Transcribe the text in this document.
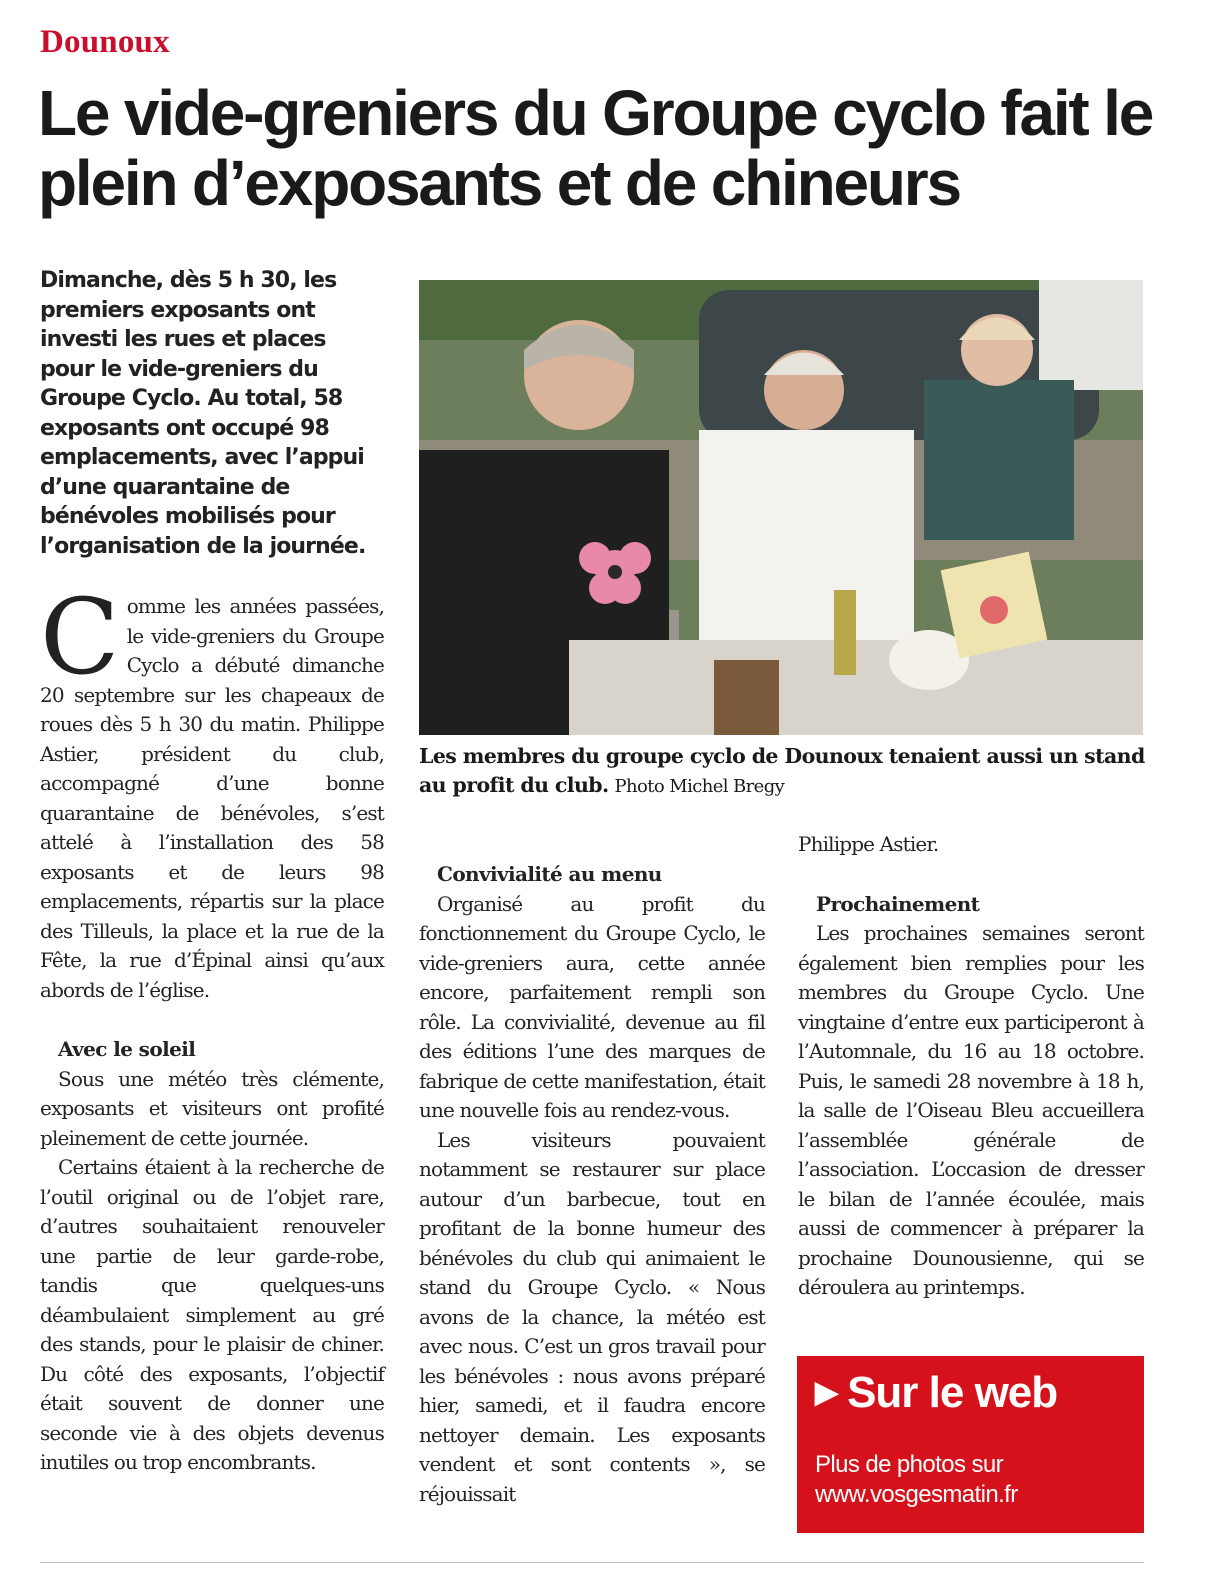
Dounoux
Le vide-greniers du Groupe cyclo fait le plein d’exposants et de chineurs

Dimanche, dès 5 h 30, les premiers exposants ont investi les rues et places pour le vide-greniers du Groupe Cyclo. Au total, 58 exposants ont occupé 98 emplacements, avec l’appui d’une quarantaine de bénévoles mobilisés pour l’organisation de la journée.

Les membres du groupe cyclo de Dounoux tenaient aussi un stand au profit du club. Photo Michel Bregy

Comme les années passées, le vide-greniers du Groupe Cyclo a débuté dimanche 20 septembre sur les chapeaux de roues dès 5 h 30 du matin. Philippe Astier, président du club, accompagné d’une bonne quarantaine de bénévoles, s’est attelé à l’installation des 58 exposants et de leurs 98 emplacements, répartis sur la place des Tilleuls, la place et la rue de la Fête, la rue d’Épinal ainsi qu’aux abords de l’église.

Avec le soleil

Sous une météo très clémente, exposants et visiteurs ont profité pleinement de cette journée.

Certains étaient à la recherche de l’outil original ou de l’objet rare, d’autres souhaitaient renouveler une partie de leur garde-robe, tandis que quelques-uns déambulaient simplement au gré des stands, pour le plaisir de chiner. Du côté des exposants, l’objectif était souvent de donner une seconde vie à des objets devenus inutiles ou trop encombrants.

Convivialité au menu

Organisé au profit du fonctionnement du Groupe Cyclo, le vide-greniers aura, cette année encore, parfaitement rempli son rôle. La convivialité, devenue au fil des éditions l’une des marques de fabrique de cette manifestation, était une nouvelle fois au rendez-vous.

Les visiteurs pouvaient notamment se restaurer sur place autour d’un barbecue, tout en profitant de la bonne humeur des bénévoles du club qui animaient le stand du Groupe Cyclo. « Nous avons de la chance, la météo est avec nous. C’est un gros travail pour les bénévoles : nous avons préparé hier, samedi, et il faudra encore nettoyer demain. Les exposants vendent et sont contents », se réjouissait

Philippe Astier.

Prochainement

Les prochaines semaines seront également bien remplies pour les membres du Groupe Cyclo. Une vingtaine d’entre eux participeront à l’Automnale, du 16 au 18 octobre. Puis, le samedi 28 novembre à 18 h, la salle de l’Oiseau Bleu accueillera l’assemblée générale de l’association. L’occasion de dresser le bilan de l’année écoulée, mais aussi de commencer à préparer la prochaine Dounousienne, qui se déroulera au printemps.

▶ Sur le web
Plus de photos sur
www.vosgesmatin.fr
